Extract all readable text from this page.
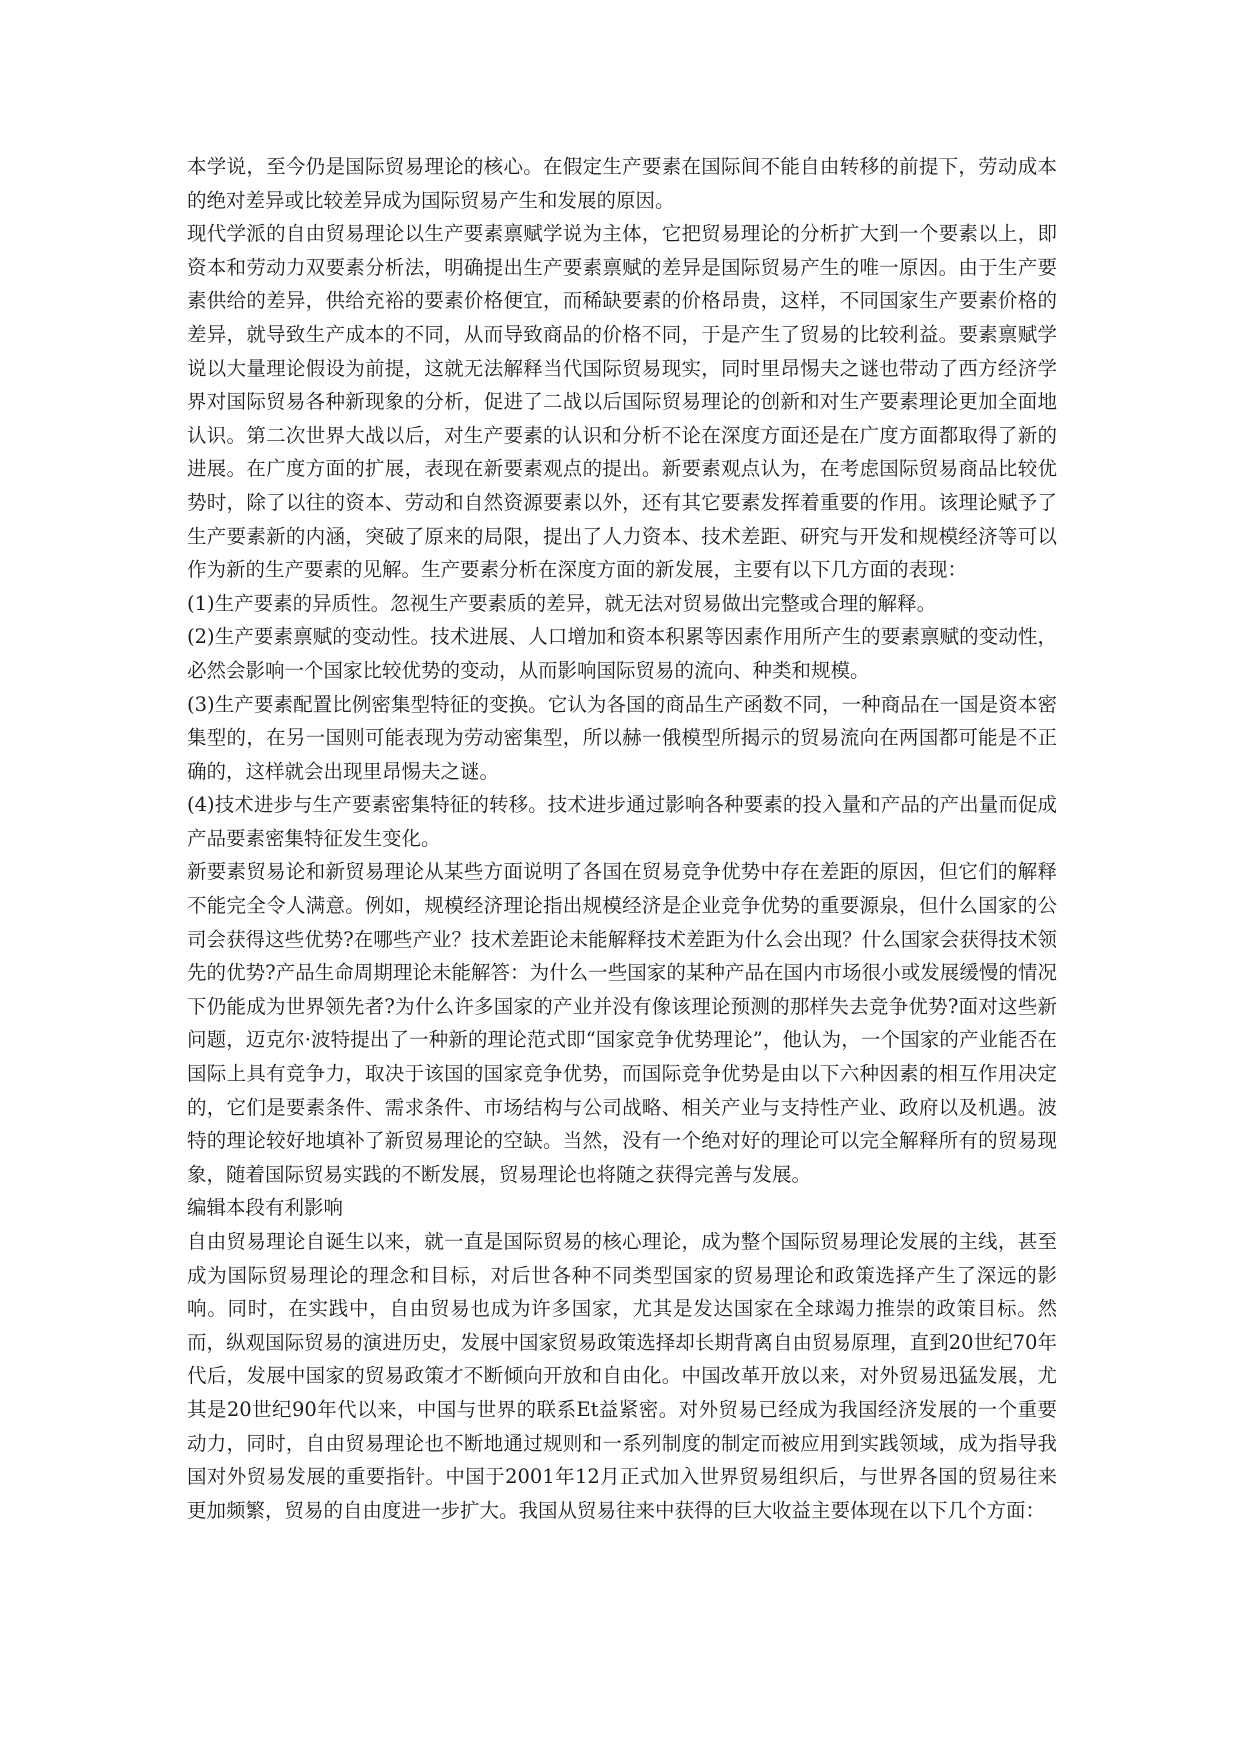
本学说，至今仍是国际贸易理论的核心。在假定生产要素在国际间不能自由转移的前提下，劳动成本的绝对差异或比较差异成为国际贸易产生和发展的原因。

现代学派的自由贸易理论以生产要素禀赋学说为主体，它把贸易理论的分析扩大到一个要素以上，即资本和劳动力双要素分析法，明确提出生产要素禀赋的差异是国际贸易产生的唯一原因。由于生产要素供给的差异，供给充裕的要素价格便宜，而稀缺要素的价格昂贵，这样，不同国家生产要素价格的差异，就导致生产成本的不同，从而导致商品的价格不同，于是产生了贸易的比较利益。要素禀赋学说以大量理论假设为前提，这就无法解释当代国际贸易现实，同时里昂惕夫之谜也带动了西方经济学界对国际贸易各种新现象的分析，促进了二战以后国际贸易理论的创新和对生产要素理论更加全面地认识。第二次世界大战以后，对生产要素的认识和分析不论在深度方面还是在广度方面都取得了新的进展。在广度方面的扩展，表现在新要素观点的提出。新要素观点认为，在考虑国际贸易商品比较优势时，除了以往的资本、劳动和自然资源要素以外，还有其它要素发挥着重要的作用。该理论赋予了生产要素新的内涵，突破了原来的局限，提出了人力资本、技术差距、研究与开发和规模经济等可以作为新的生产要素的见解。生产要素分析在深度方面的新发展，主要有以下几方面的表现：

(1)生产要素的异质性。忽视生产要素质的差异，就无法对贸易做出完整或合理的解释。

(2)生产要素禀赋的变动性。技术进展、人口增加和资本积累等因素作用所产生的要素禀赋的变动性，必然会影响一个国家比较优势的变动，从而影响国际贸易的流向、种类和规模。

(3)生产要素配置比例密集型特征的变换。它认为各国的商品生产函数不同，一种商品在一国是资本密集型的，在另一国则可能表现为劳动密集型，所以赫一俄模型所揭示的贸易流向在两国都可能是不正确的，这样就会出现里昂惕夫之谜。

(4)技术进步与生产要素密集特征的转移。技术进步通过影响各种要素的投入量和产品的产出量而促成产品要素密集特征发生变化。

新要素贸易论和新贸易理论从某些方面说明了各国在贸易竞争优势中存在差距的原因，但它们的解释不能完全令人满意。例如，规模经济理论指出规模经济是企业竞争优势的重要源泉，但什么国家的公司会获得这些优势?在哪些产业？技术差距论未能解释技术差距为什么会出现？什么国家会获得技术领先的优势?产品生命周期理论未能解答：为什么一些国家的某种产品在国内市场很小或发展缓慢的情况下仍能成为世界领先者?为什么许多国家的产业并没有像该理论预测的那样失去竞争优势?面对这些新问题，迈克尔·波特提出了一种新的理论范式即“国家竞争优势理论”，他认为，一个国家的产业能否在国际上具有竞争力，取决于该国的国家竞争优势，而国际竞争优势是由以下六种因素的相互作用决定的，它们是要素条件、需求条件、市场结构与公司战略、相关产业与支持性产业、政府以及机遇。波特的理论较好地填补了新贸易理论的空缺。当然，没有一个绝对好的理论可以完全解释所有的贸易现象，随着国际贸易实践的不断发展，贸易理论也将随之获得完善与发展。

编辑本段有利影响

自由贸易理论自诞生以来，就一直是国际贸易的核心理论，成为整个国际贸易理论发展的主线，甚至成为国际贸易理论的理念和目标，对后世各种不同类型国家的贸易理论和政策选择产生了深远的影响。同时，在实践中，自由贸易也成为许多国家，尤其是发达国家在全球竭力推崇的政策目标。然而，纵观国际贸易的演进历史，发展中国家贸易政策选择却长期背离自由贸易原理，直到20世纪70年代后，发展中国家的贸易政策才不断倾向开放和自由化。中国改革开放以来，对外贸易迅猛发展，尤其是20世纪90年代以来，中国与世界的联系Et益紧密。对外贸易已经成为我国经济发展的一个重要动力，同时，自由贸易理论也不断地通过规则和一系列制度的制定而被应用到实践领域，成为指导我国对外贸易发展的重要指针。中国于2001年12月正式加入世界贸易组织后，与世界各国的贸易往来更加频繁，贸易的自由度进一步扩大。我国从贸易往来中获得的巨大收益主要体现在以下几个方面：
